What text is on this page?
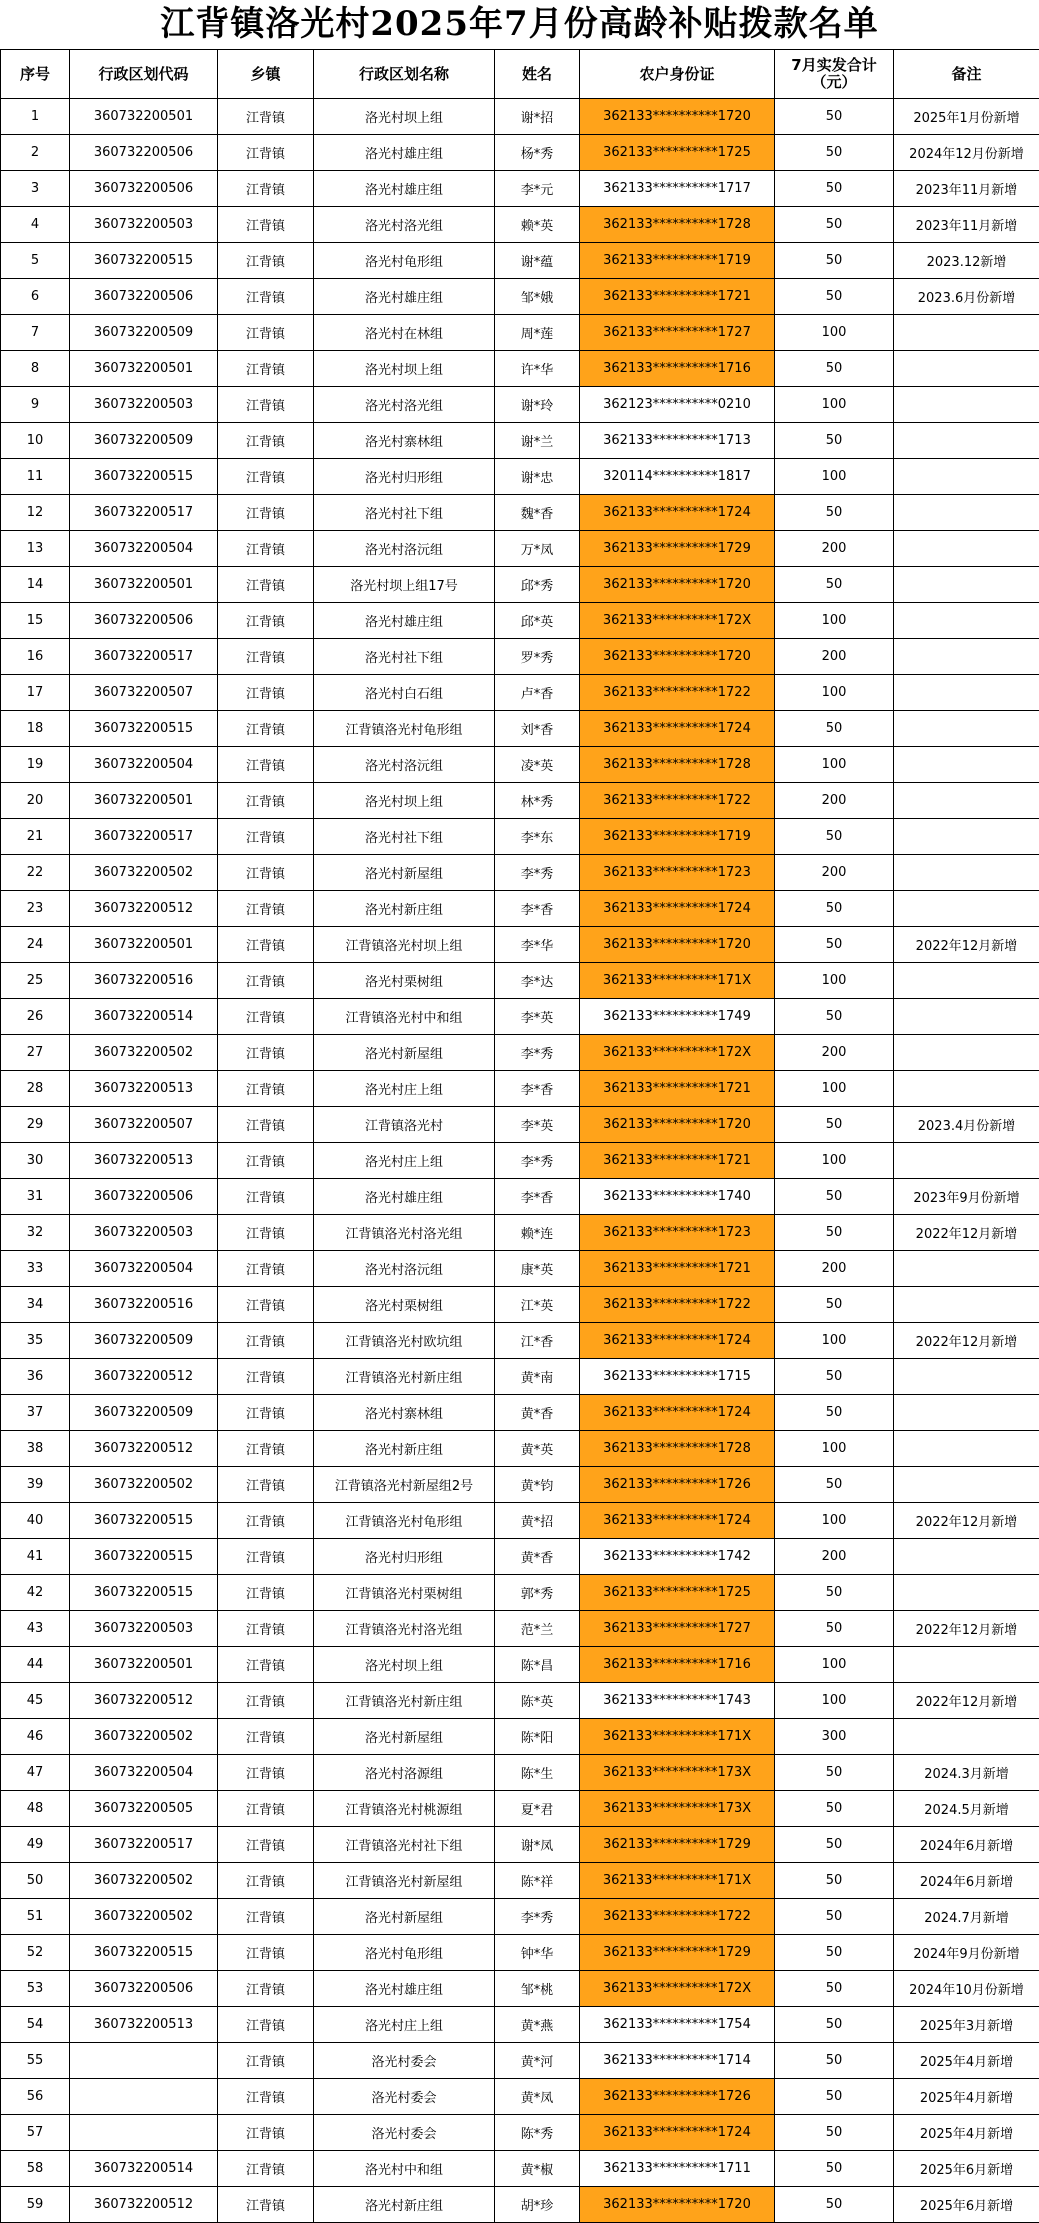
江背镇洛光村2025年7月份高龄补贴拨款名单
序号	行政区划代码	乡镇	行政区划名称	姓名	农户身份证	7月实发合计
（元）	备注
1	360732200501	江背镇	洛光村坝上组	谢*招	362133**********1720	50	2025年1月份新增
2	360732200506	江背镇	洛光村雄庄组	杨*秀	362133**********1725	50	2024年12月份新增
3	360732200506	江背镇	洛光村雄庄组	李*元	362133**********1717	50	2023年11月新增
4	360732200503	江背镇	洛光村洛光组	赖*英	362133**********1728	50	2023年11月新增
5	360732200515	江背镇	洛光村龟形组	谢*蕴	362133**********1719	50	2023.12新增
6	360732200506	江背镇	洛光村雄庄组	邹*娥	362133**********1721	50	2023.6月份新增
7	360732200509	江背镇	洛光村在林组	周*莲	362133**********1727	100	
8	360732200501	江背镇	洛光村坝上组	许*华	362133**********1716	50	
9	360732200503	江背镇	洛光村洛光组	谢*玲	362123**********0210	100	
10	360732200509	江背镇	洛光村寨林组	谢*兰	362133**********1713	50	
11	360732200515	江背镇	洛光村归形组	谢*忠	320114**********1817	100	
12	360732200517	江背镇	洛光村社下组	魏*香	362133**********1724	50	
13	360732200504	江背镇	洛光村洛沅组	万*凤	362133**********1729	200	
14	360732200501	江背镇	洛光村坝上组17号	邱*秀	362133**********1720	50	
15	360732200506	江背镇	洛光村雄庄组	邱*英	362133**********172X	100	
16	360732200517	江背镇	洛光村社下组	罗*秀	362133**********1720	200	
17	360732200507	江背镇	洛光村白石组	卢*香	362133**********1722	100	
18	360732200515	江背镇	江背镇洛光村龟形组	刘*香	362133**********1724	50	
19	360732200504	江背镇	洛光村洛沅组	凌*英	362133**********1728	100	
20	360732200501	江背镇	洛光村坝上组	林*秀	362133**********1722	200	
21	360732200517	江背镇	洛光村社下组	李*东	362133**********1719	50	
22	360732200502	江背镇	洛光村新屋组	李*秀	362133**********1723	200	
23	360732200512	江背镇	洛光村新庄组	李*香	362133**********1724	50	
24	360732200501	江背镇	江背镇洛光村坝上组	李*华	362133**********1720	50	2022年12月新增
25	360732200516	江背镇	洛光村栗树组	李*达	362133**********171X	100	
26	360732200514	江背镇	江背镇洛光村中和组	李*英	362133**********1749	50	
27	360732200502	江背镇	洛光村新屋组	李*秀	362133**********172X	200	
28	360732200513	江背镇	洛光村庄上组	李*香	362133**********1721	100	
29	360732200507	江背镇	江背镇洛光村	李*英	362133**********1720	50	2023.4月份新增
30	360732200513	江背镇	洛光村庄上组	李*秀	362133**********1721	100	
31	360732200506	江背镇	洛光村雄庄组	李*香	362133**********1740	50	2023年9月份新增
32	360732200503	江背镇	江背镇洛光村洛光组	赖*连	362133**********1723	50	2022年12月新增
33	360732200504	江背镇	洛光村洛沅组	康*英	362133**********1721	200	
34	360732200516	江背镇	洛光村栗树组	江*英	362133**********1722	50	
35	360732200509	江背镇	江背镇洛光村欧坑组	江*香	362133**********1724	100	2022年12月新增
36	360732200512	江背镇	江背镇洛光村新庄组	黄*南	362133**********1715	50	
37	360732200509	江背镇	洛光村寨林组	黄*香	362133**********1724	50	
38	360732200512	江背镇	洛光村新庄组	黄*英	362133**********1728	100	
39	360732200502	江背镇	江背镇洛光村新屋组2号	黄*钧	362133**********1726	50	
40	360732200515	江背镇	江背镇洛光村龟形组	黄*招	362133**********1724	100	2022年12月新增
41	360732200515	江背镇	洛光村归形组	黄*香	362133**********1742	200	
42	360732200515	江背镇	江背镇洛光村栗树组	郭*秀	362133**********1725	50	
43	360732200503	江背镇	江背镇洛光村洛光组	范*兰	362133**********1727	50	2022年12月新增
44	360732200501	江背镇	洛光村坝上组	陈*昌	362133**********1716	100	
45	360732200512	江背镇	江背镇洛光村新庄组	陈*英	362133**********1743	100	2022年12月新增
46	360732200502	江背镇	洛光村新屋组	陈*阳	362133**********171X	300	
47	360732200504	江背镇	洛光村洛源组	陈*生	362133**********173X	50	2024.3月新增
48	360732200505	江背镇	江背镇洛光村桃源组	夏*君	362133**********173X	50	2024.5月新增
49	360732200517	江背镇	江背镇洛光村社下组	谢*凤	362133**********1729	50	2024年6月新增
50	360732200502	江背镇	江背镇洛光村新屋组	陈*祥	362133**********171X	50	2024年6月新增
51	360732200502	江背镇	洛光村新屋组	李*秀	362133**********1722	50	2024.7月新增
52	360732200515	江背镇	洛光村龟形组	钟*华	362133**********1729	50	2024年9月份新增
53	360732200506	江背镇	洛光村雄庄组	邹*桃	362133**********172X	50	2024年10月份新增
54	360732200513	江背镇	洛光村庄上组	黄*燕	362133**********1754	50	2025年3月新增
55		江背镇	洛光村委会	黄*河	362133**********1714	50	2025年4月新增
56		江背镇	洛光村委会	黄*凤	362133**********1726	50	2025年4月新增
57		江背镇	洛光村委会	陈*秀	362133**********1724	50	2025年4月新增
58	360732200514	江背镇	洛光村中和组	黄*椒	362133**********1711	50	2025年6月新增
59	360732200512	江背镇	洛光村新庄组	胡*珍	362133**********1720	50	2025年6月新增
